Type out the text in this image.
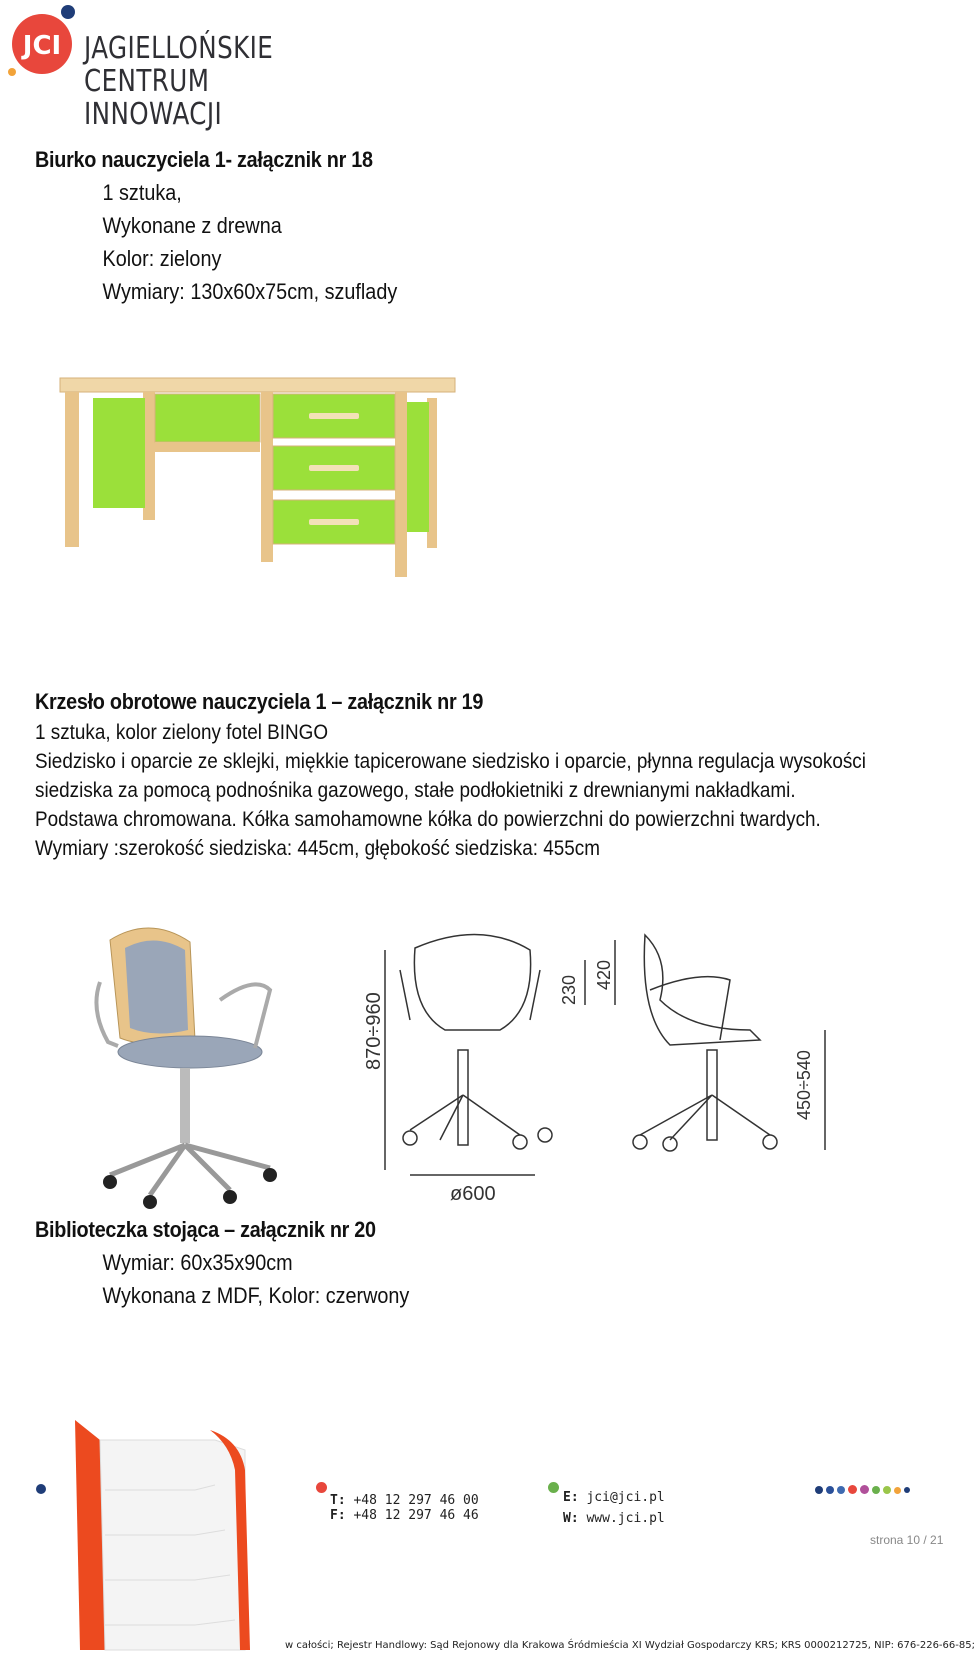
JCI JAGIELLOŃSKIE
CENTRUM INNOWACJI
Biurko nauczyciela 1- załącznik nr 18
1 sztuka,
Wykonane z drewna
Kolor: zielony
Wymiary: 130x60x75cm, szuflady
Krzesło obrotowe nauczyciela 1 – załącznik nr 19
1 sztuka, kolor zielony fotel BINGO
Siedzisko i oparcie ze sklejki, miękkie tapicerowane siedzisko i oparcie, płynna regulacja wysokości
siedziska za pomocą podnośnika gazowego, stałe podłokietniki z drewnianymi nakładkami.
Podstawa chromowana. Kółka samohamowne kółka do powierzchni do powierzchni twardych.
Wymiary :szerokość siedziska: 445cm, głębokość siedziska: 455cm
870÷960
230 420
450÷540
ø600
Biblioteczka stojąca – załącznik nr 20
Wymiar: 60x35x90cm
Wykonana z MDF, Kolor: czerwony
strona 10 / 21
T: +48 12 297 46 00
F: +48 12 297 46 46
E: jci@jci.pl
W: www.jci.pl
w całości; Rejestr Handlowy: Sąd Rejonowy dla Krakowa Śródmieścia XI Wydział Gospodarczy KRS; KRS 0000212725, NIP: 676-226-66-85;
